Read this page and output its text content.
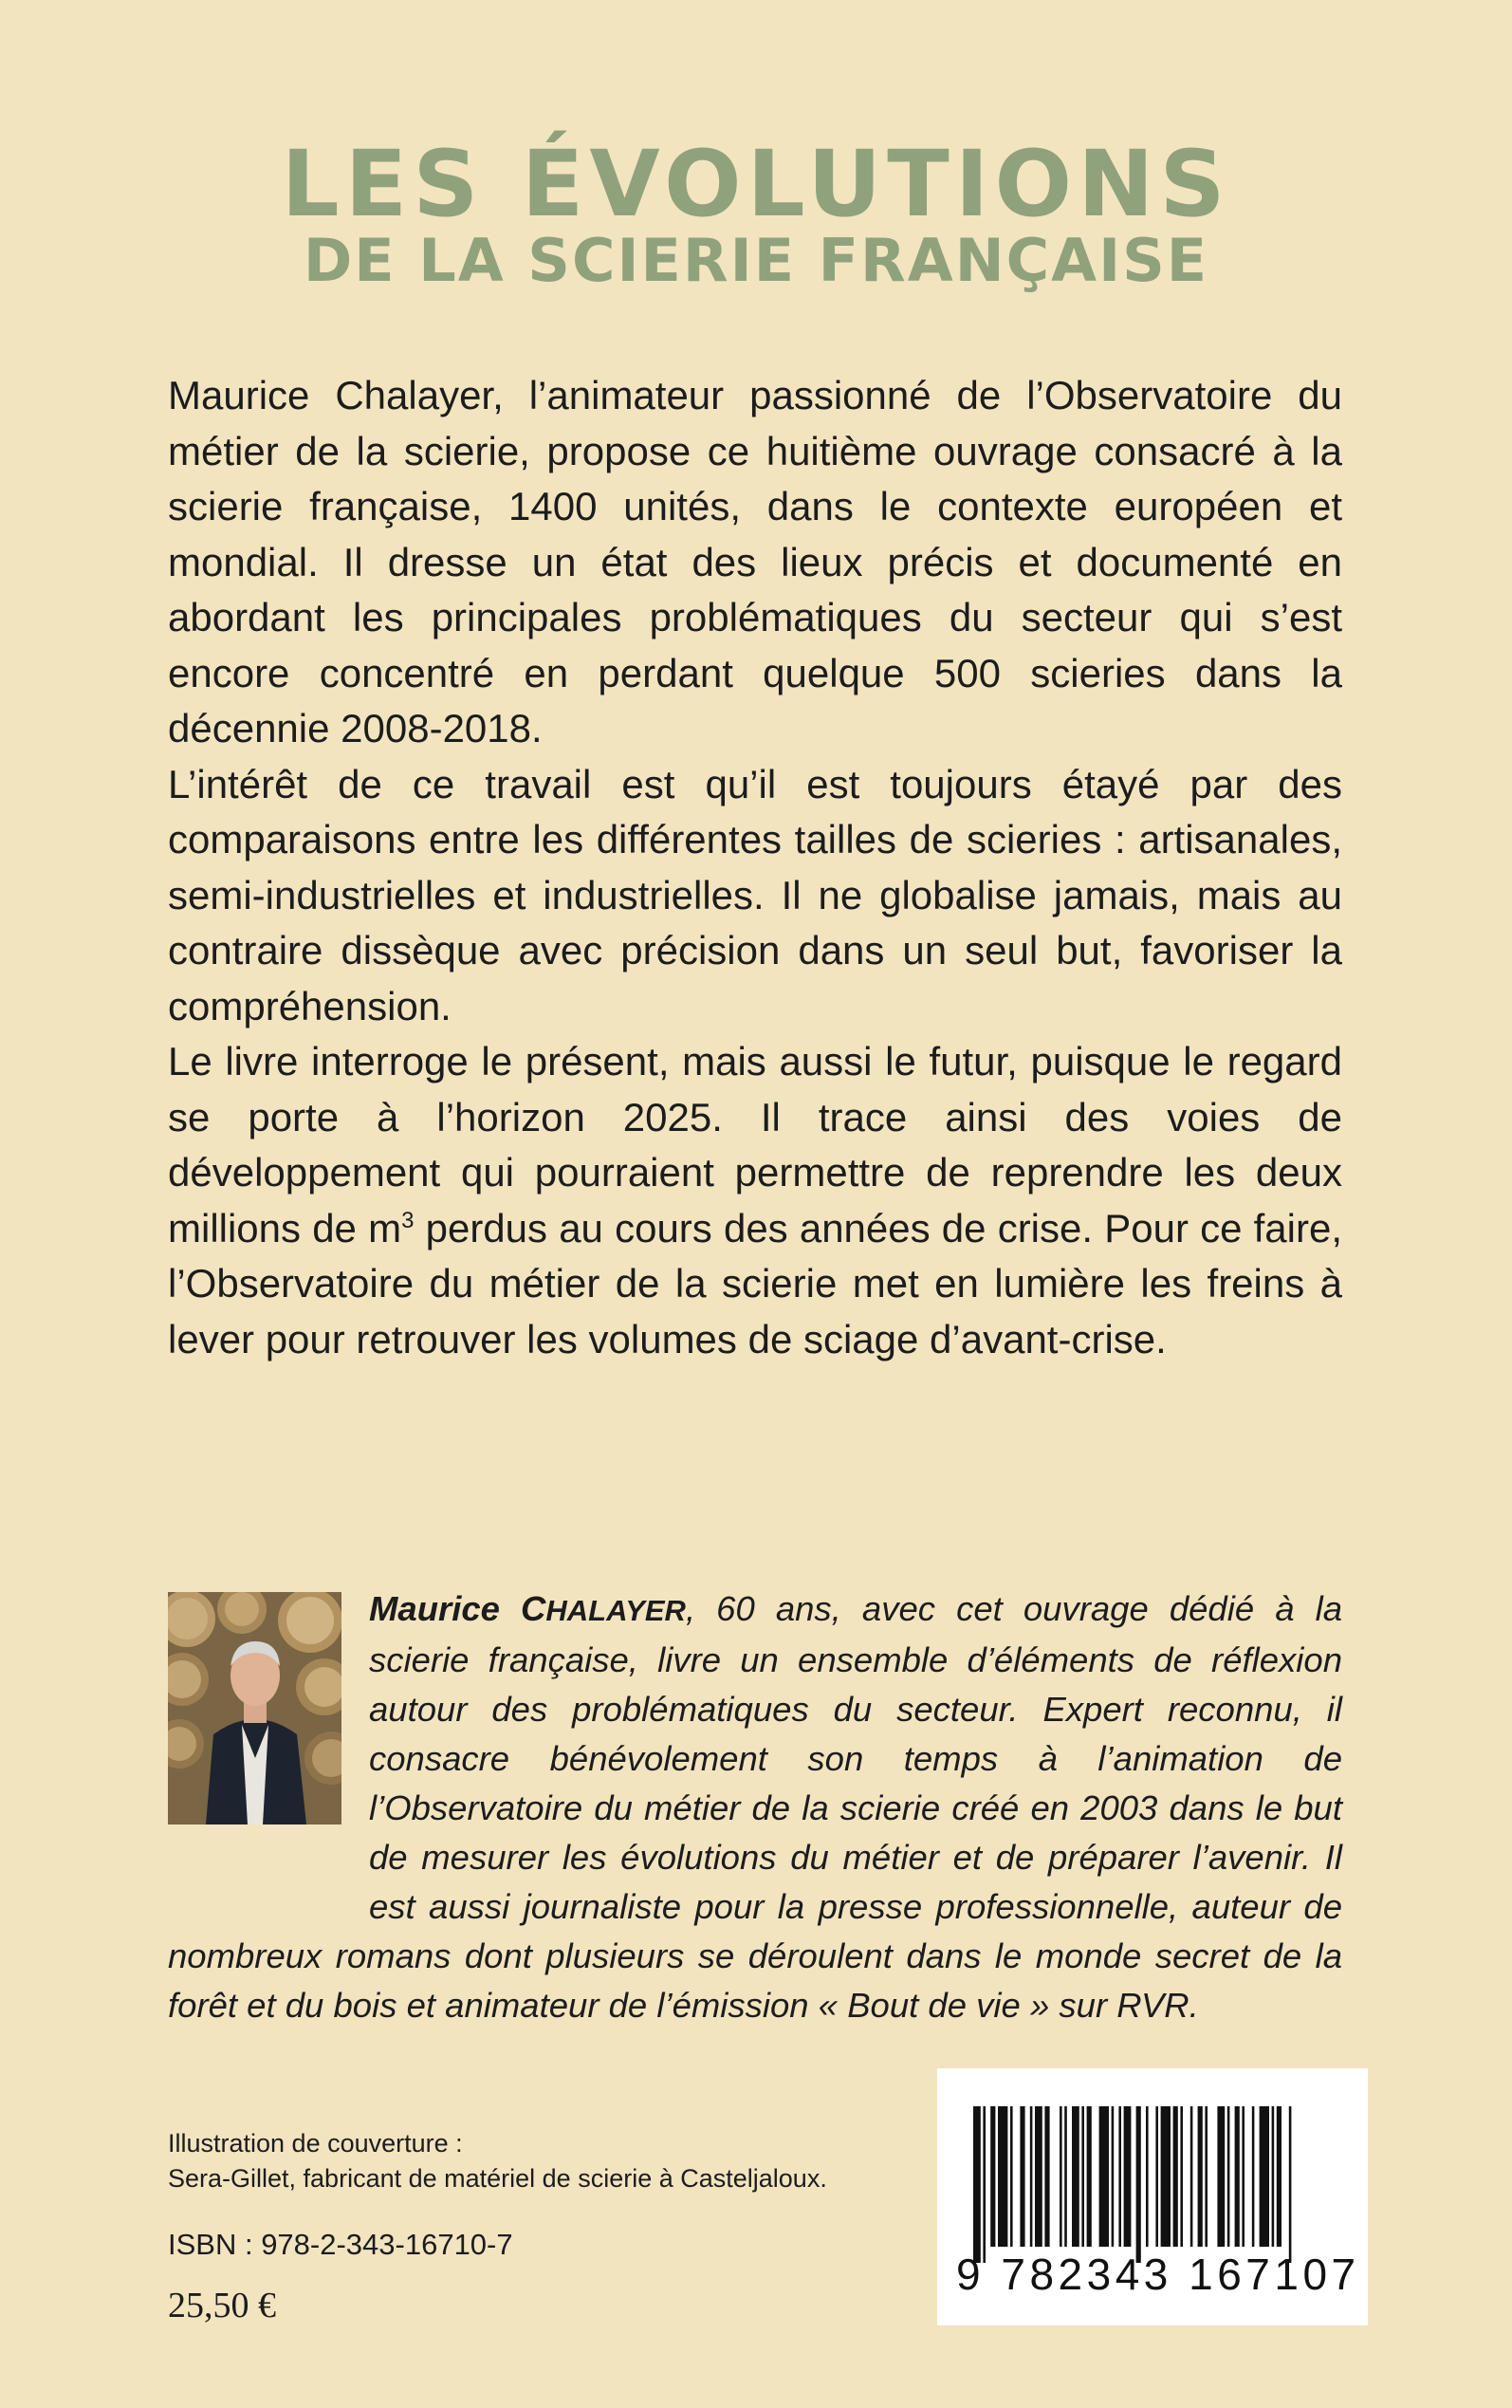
LES ÉVOLUTIONS
DE LA SCIERIE FRANÇAISE

Maurice Chalayer, l’animateur passionné de l’Observatoire du métier de la scierie, propose ce huitième ouvrage consacré à la scierie française, 1400 unités, dans le contexte européen et mondial. Il dresse un état des lieux précis et documenté en abordant les principales problématiques du secteur qui s’est encore concentré en perdant quelque 500 scieries dans la décennie 2008-2018.

L’intérêt de ce travail est qu’il est toujours étayé par des comparaisons entre les différentes tailles de scieries : artisanales, semi-industrielles et industrielles. Il ne globalise jamais, mais au contraire dissèque avec précision dans un seul but, favoriser la compréhension.

Le livre interroge le présent, mais aussi le futur, puisque le regard se porte à l’horizon 2025. Il trace ainsi des voies de développement qui pourraient permettre de reprendre les deux millions de $m^3$ perdus au cours des années de crise. Pour ce faire, l’Observatoire du métier de la scierie met en lumière les freins à lever pour retrouver les volumes de sciage d’avant-crise.

Maurice CHALAYER, 60 ans, avec cet ouvrage dédié à la scierie française, livre un ensemble d’éléments de réflexion autour des problématiques du secteur. Expert reconnu, il consacre bénévolement son temps à l’animation de l’Observatoire du métier de la scierie créé en 2003 dans le but de mesurer les évolutions du métier et de préparer l’avenir. Il est aussi journaliste pour la presse professionnelle, auteur de nombreux romans dont plusieurs se déroulent dans le monde secret de la forêt et du bois et animateur de l’émission « Bout de vie » sur RVR.
Illustration de couverture :
Sera-Gillet, fabricant de matériel de scierie à Casteljaloux.
ISBN : 978-2-343-16710-7
25,50 €
9 782343 167107
